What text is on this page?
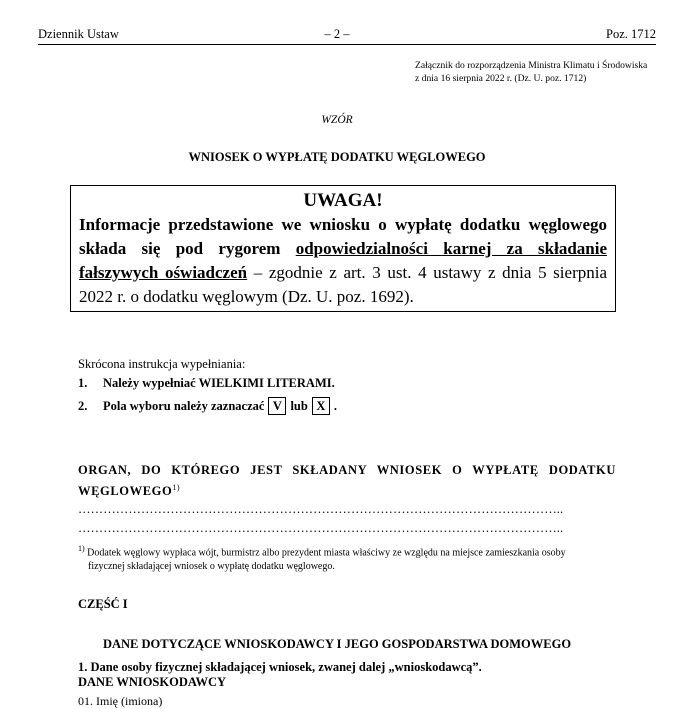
Dziennik Ustaw	– 2 –	Poz. 1712
Załącznik do rozporządzenia Ministra Klimatu i Środowiska
z dnia 16 sierpnia 2022 r. (Dz. U. poz. 1712)
WZÓR
WNIOSEK O WYPŁATĘ DODATKU WĘGLOWEGO
UWAGA!
Informacje przedstawione we wniosku o wypłatę dodatku węglowego składa się pod rygorem odpowiedzialności karnej za składanie fałszywych oświadczeń – zgodnie z art. 3 ust. 4 ustawy z dnia 5 sierpnia 2022 r. o dodatku węglowym (Dz. U. poz. 1692).
Skrócona instrukcja wypełniania:
1.	Należy wypełniać WIELKIMI LITERAMI.
2.	Pola wyboru należy zaznaczać V lub X .
ORGAN, DO KTÓREGO JEST SKŁADANY WNIOSEK O WYPŁATĘ DODATKU WĘGLOWEGO$^{1)}$
……………………………………………………………………………………………………..
……………………………………………………………………………………………………..
$^{1)}$ Dodatek węglowy wypłaca wójt, burmistrz albo prezydent miasta właściwy ze względu na miejsce zamieszkania osoby
fizycznej składającej wniosek o wypłatę dodatku węglowego.
CZĘŚĆ I
DANE DOTYCZĄCE WNIOSKODAWCY I JEGO GOSPODARSTWA DOMOWEGO
1. Dane osoby fizycznej składającej wniosek, zwanej dalej „wnioskodawcą”.
DANE WNIOSKODAWCY
01. Imię (imiona)
